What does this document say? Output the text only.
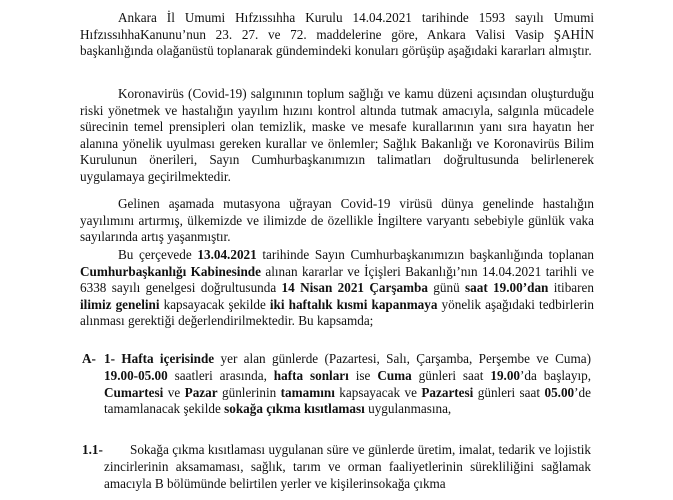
Ankara İl Umumi Hıfzıssıhha Kurulu 14.04.2021 tarihinde 1593 sayılı Umumi HıfzıssıhhaKanunu’nun 23. 27. ve 72. maddelerine göre, Ankara Valisi Vasip ŞAHİN başkanlığında olağanüstü toplanarak gündemindeki konuları görüşüp aşağıdaki kararları almıştır.

Koronavirüs (Covid-19) salgınının toplum sağlığı ve kamu düzeni açısından oluşturduğu riski yönetmek ve hastalığın yayılım hızını kontrol altında tutmak amacıyla, salgınla mücadele sürecinin temel prensipleri olan temizlik, maske ve mesafe kurallarının yanı sıra hayatın her alanına yönelik uyulması gereken kurallar ve önlemler; Sağlık Bakanlığı ve Koronavirüs Bilim Kurulunun önerileri, Sayın Cumhurbaşkanımızın talimatları doğrultusunda belirlenerek uygulamaya geçirilmektedir.

Gelinen aşamada mutasyona uğrayan Covid-19 virüsü dünya genelinde hastalığın yayılımını artırmış, ülkemizde ve ilimizde de özellikle İngiltere varyantı sebebiyle günlük vaka sayılarında artış yaşanmıştır.

Bu çerçevede 13.04.2021 tarihinde Sayın Cumhurbaşkanımızın başkanlığında toplanan Cumhurbaşkanlığı Kabinesinde alınan kararlar ve İçişleri Bakanlığı’nın 14.04.2021 tarihli ve 6338 sayılı genelgesi doğrultusunda 14 Nisan 2021 Çarşamba günü saat 19.00’dan itibaren ilimiz genelini kapsayacak şekilde iki haftalık kısmi kapanmaya yönelik aşağıdaki tedbirlerin alınması gerektiği değerlendirilmektedir. Bu kapsamda;

A- 1- Hafta içerisinde yer alan günlerde (Pazartesi, Salı, Çarşamba, Perşembe ve Cuma) 19.00-05.00 saatleri arasında, hafta sonları ise Cuma günleri saat 19.00’da başlayıp, Cumartesi ve Pazar günlerinin tamamını kapsayacak ve Pazartesi günleri saat 05.00’de tamamlanacak şekilde sokağa çıkma kısıtlaması uygulanmasına,

1.1-	Sokağa çıkma kısıtlaması uygulanan süre ve günlerde üretim, imalat, tedarik ve lojistik zincirlerinin aksamaması, sağlık, tarım ve orman faaliyetlerinin sürekliliğini sağlamak amacıyla B bölümünde belirtilen yerler ve kişilerinsokağa çıkma
